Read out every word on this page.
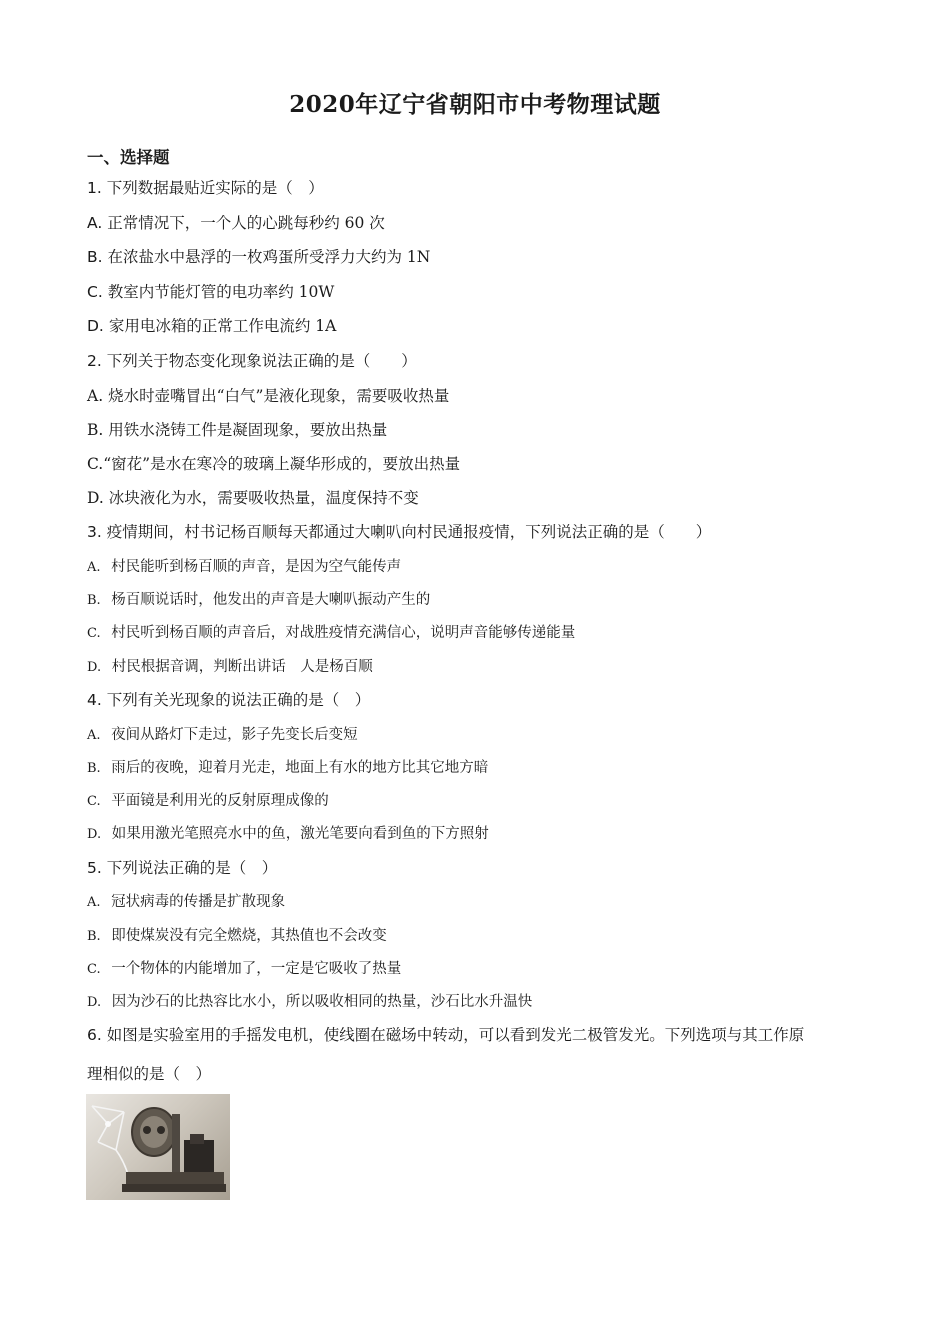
2020年辽宁省朝阳市中考物理试题
一、选择题
1. 下列数据最贴近实际的是（　）
A. 正常情况下，一个人的心跳每秒约 60 次
B. 在浓盐水中悬浮的一枚鸡蛋所受浮力大约为 1N
C. 教室内节能灯管的电功率约 10W
D. 家用电冰箱的正常工作电流约 1A
2. 下列关于物态变化现象说法正确的是（　　）
A. 烧水时壶嘴冒出“白气”是液化现象，需要吸收热量
B. 用铁水浇铸工件是凝固现象，要放出热量
C.“窗花”是水在寒冷的玻璃上凝华形成的，要放出热量
D. 冰块液化为水，需要吸收热量，温度保持不变
3. 疫情期间，村书记杨百顺每天都通过大喇叭向村民通报疫情，下列说法正确的是（　　）
A. 村民能听到杨百顺的声音，是因为空气能传声
B. 杨百顺说话时，他发出的声音是大喇叭振动产生的
C. 村民听到杨百顺的声音后，对战胜疫情充满信心，说明声音能够传递能量
D. 村民根据音调，判断出讲话　人是杨百顺
4. 下列有关光现象的说法正确的是（　）
A. 夜间从路灯下走过，影子先变长后变短
B. 雨后的夜晚，迎着月光走，地面上有水的地方比其它地方暗
C. 平面镜是利用光的反射原理成像的
D. 如果用激光笔照亮水中的鱼，激光笔要向看到鱼的下方照射
5. 下列说法正确的是（　）
A. 冠状病毒的传播是扩散现象
B. 即使煤炭没有完全燃烧，其热值也不会改变
C. 一个物体的内能增加了，一定是它吸收了热量
D. 因为沙石的比热容比水小，所以吸收相同的热量，沙石比水升温快
6. 如图是实验室用的手摇发电机，使线圈在磁场中转动，可以看到发光二极管发光。下列选项与其工作原
理相似的是（　）
